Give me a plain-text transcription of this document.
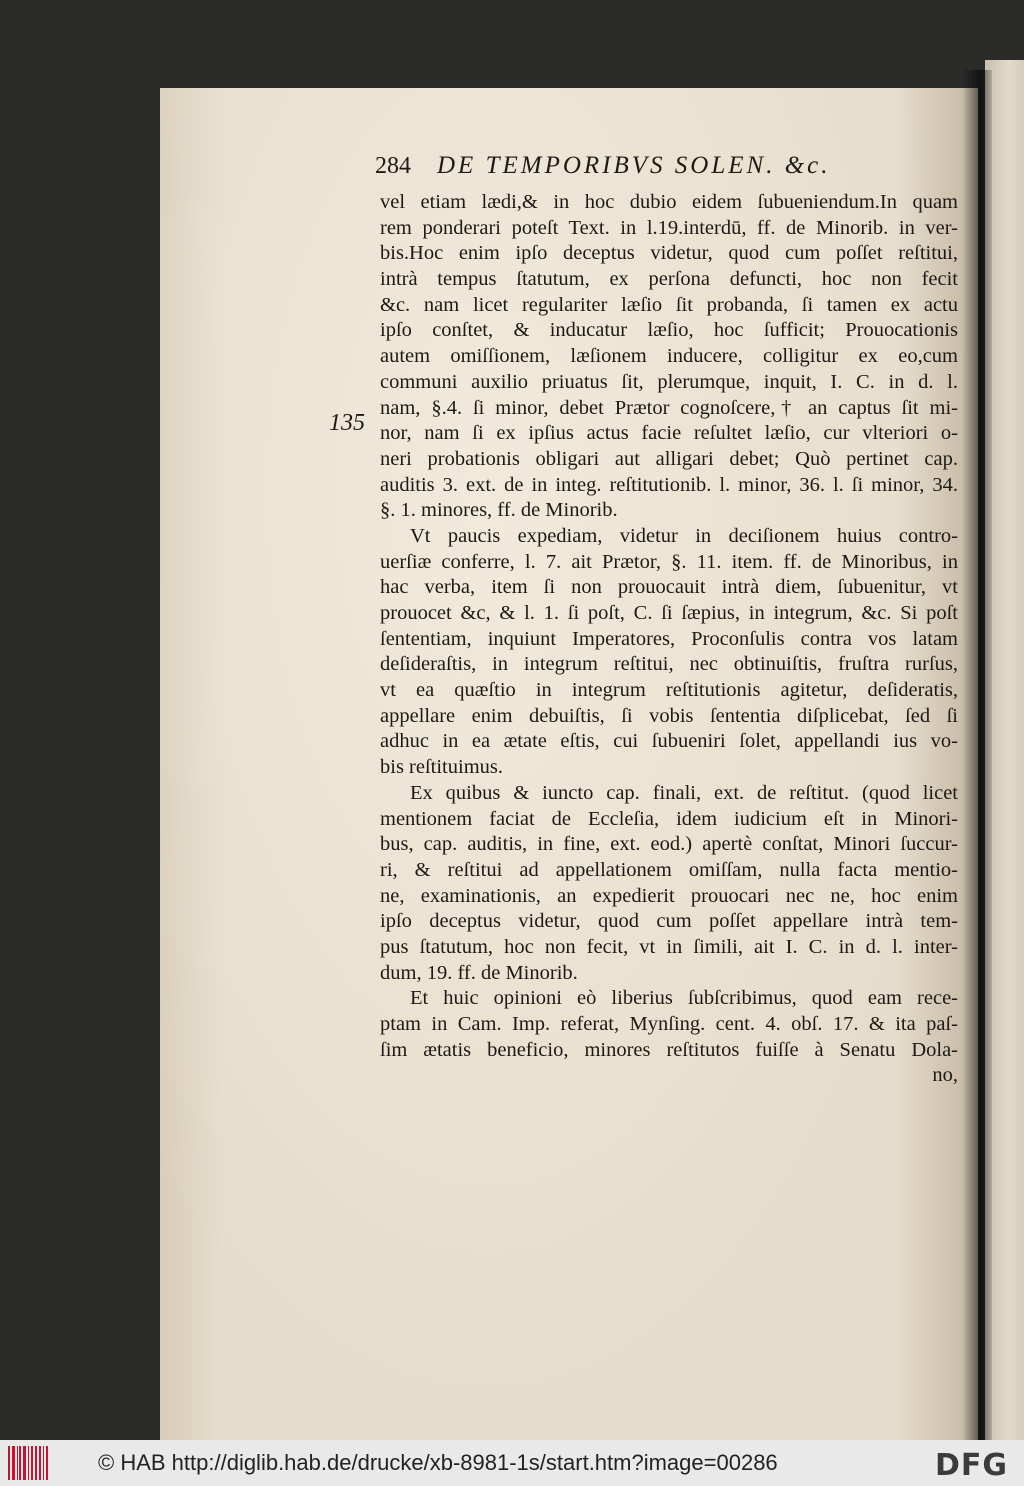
284 DE TEMPORIBVS SOLEN. &c.
135
vel etiam lædi,& in hoc dubio eidem ſubueniendum.In quam
rem ponderari poteſt Text. in l.19.interdū, ff. de Minorib. in ver-
bis.Hoc enim ipſo deceptus videtur, quod cum poſſet reſtitui,
intrà tempus ſtatutum, ex perſona defuncti, hoc non fecit
&c. nam licet regulariter læſio ſit probanda, ſi tamen ex actu
ipſo conſtet, & inducatur læſio, hoc ſufficit; Prouocationis
autem omiſſionem, læſionem inducere, colligitur ex eo,cum
communi auxilio priuatus ſit, plerumque, inquit, I. C. in d. l.
nam, §.4. ſi minor, debet Prætor cognoſcere,† an captus ſit mi-
nor, nam ſi ex ipſius actus facie reſultet læſio, cur vlteriori o-
neri probationis obligari aut alligari debet; Quò pertinet cap.
auditis 3. ext. de in integ. reſtitutionib. l. minor, 36. l. ſi minor, 34.
§. 1. minores, ff. de Minorib.
Vt paucis expediam, videtur in deciſionem huius contro-
uerſiæ conferre, l. 7. ait Prætor, §. 11. item. ff. de Minoribus, in
hac verba, item ſi non prouocauit intrà diem, ſubuenitur, vt
prouocet &c, & l. 1. ſi poſt, C. ſi ſæpius, in integrum, &c. Si poſt
ſententiam, inquiunt Imperatores, Proconſulis contra vos latam
deſideraſtis, in integrum reſtitui, nec obtinuiſtis, fruſtra rurſus,
vt ea quæſtio in integrum reſtitutionis agitetur, deſideratis,
appellare enim debuiſtis, ſi vobis ſententia diſplicebat, ſed ſi
adhuc in ea ætate eſtis, cui ſubueniri ſolet, appellandi ius vo-
bis reſtituimus.
Ex quibus & iuncto cap. finali, ext. de reſtitut. (quod licet
mentionem faciat de Eccleſia, idem iudicium eſt in Minori-
bus, cap. auditis, in fine, ext. eod.) apertè conſtat, Minori ſuccur-
ri, & reſtitui ad appellationem omiſſam, nulla facta mentio-
ne, examinationis, an expedierit prouocari nec ne, hoc enim
ipſo deceptus videtur, quod cum poſſet appellare intrà tem-
pus ſtatutum, hoc non fecit, vt in ſimili, ait I. C. in d. l. inter-
dum, 19. ff. de Minorib.
Et huic opinioni eò liberius ſubſcribimus, quod eam rece-
ptam in Cam. Imp. referat, Mynſing. cent. 4. obſ. 17. & ita paſ-
ſim ætatis beneficio, minores reſtitutos fuiſſe à Senatu Dola-
no,
© HAB http://diglib.hab.de/drucke/xb-8981-1s/start.htm?image=00286	DFG
